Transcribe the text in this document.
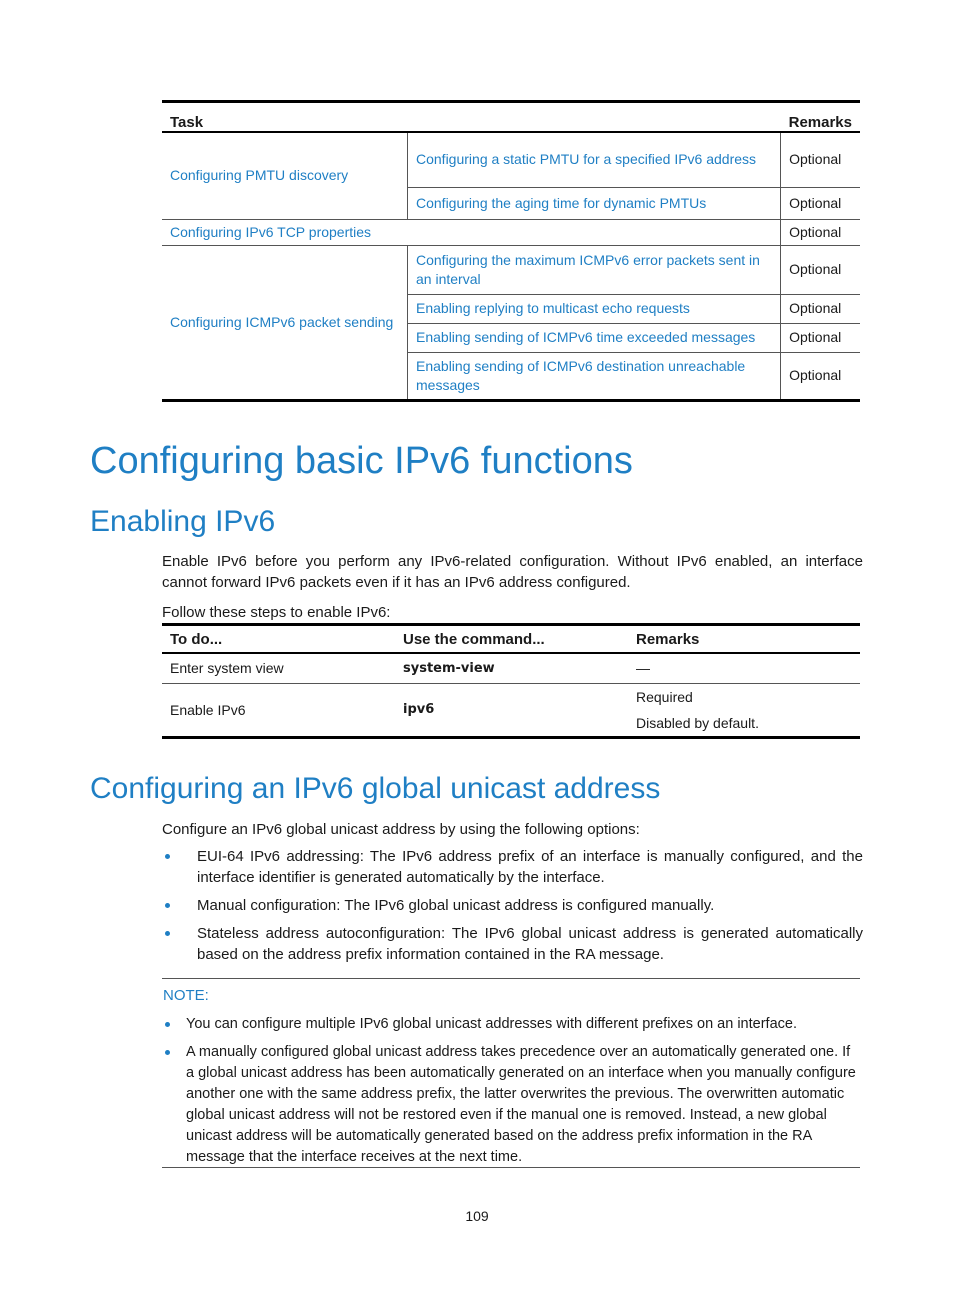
Task		Remarks
Configuring PMTU discovery	Configuring a static PMTU for a specified IPv6 address	Optional
	Configuring the aging time for dynamic PMTUs	Optional
Configuring IPv6 TCP properties		Optional
Configuring ICMPv6 packet sending	Configuring the maximum ICMPv6 error packets sent in an interval	Optional
	Enabling replying to multicast echo requests	Optional
	Enabling sending of ICMPv6 time exceeded messages	Optional
	Enabling sending of ICMPv6 destination unreachable messages	Optional
Configuring basic IPv6 functions
Enabling IPv6

Enable IPv6 before you perform any IPv6-related configuration. Without IPv6 enabled, an interface cannot forward IPv6 packets even if it has an IPv6 address configured.

Follow these steps to enable IPv6:

To do...	Use the command...	Remarks
Enter system view	system-view	—
Enable IPv6	ipv6	Required
Disabled by default.
Configuring an IPv6 global unicast address

Configure an IPv6 global unicast address by using the following options:

EUI-64 IPv6 addressing: The IPv6 address prefix of an interface is manually configured, and the interface identifier is generated automatically by the interface.
Manual configuration: The IPv6 global unicast address is configured manually.
Stateless address autoconfiguration: The IPv6 global unicast address is generated automatically based on the address prefix information contained in the RA message.
NOTE:
You can configure multiple IPv6 global unicast addresses with different prefixes on an interface.
A manually configured global unicast address takes precedence over an automatically generated one. If a global unicast address has been automatically generated on an interface when you manually configure another one with the same address prefix, the latter overwrites the previous. The overwritten automatic global unicast address will not be restored even if the manual one is removed. Instead, a new global unicast address will be automatically generated based on the address prefix information in the RA message that the interface receives at the next time.
109
